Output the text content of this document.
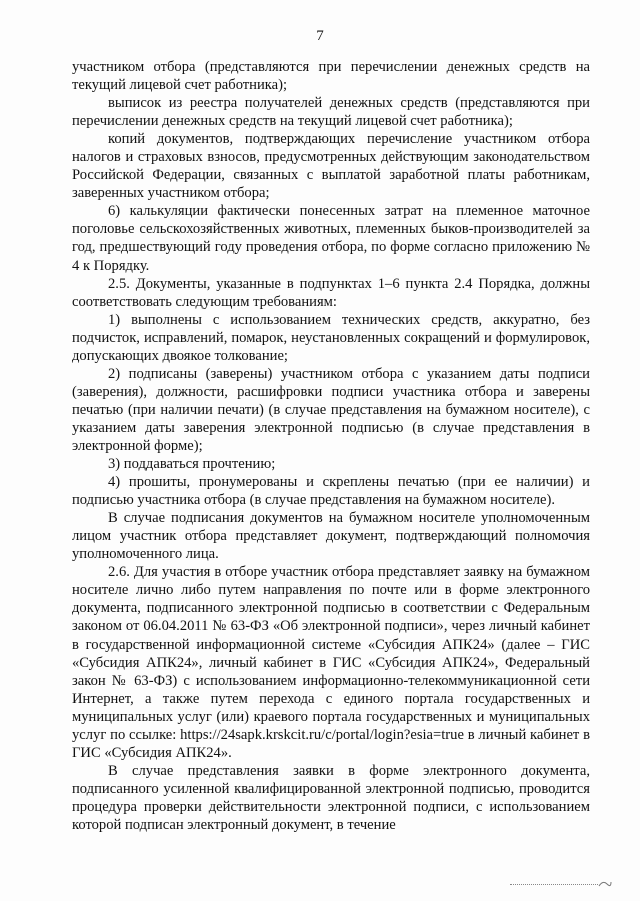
7

участником отбора (представляются при перечислении денежных средств на текущий лицевой счет работника);

выписок из реестра получателей денежных средств (представляются при перечислении денежных средств на текущий лицевой счет работника);

копий документов, подтверждающих перечисление участником отбора налогов и страховых взносов, предусмотренных действующим законодательством Российской Федерации, связанных с выплатой заработной платы работникам, заверенных участником отбора;

6) калькуляции фактически понесенных затрат на племенное маточное поголовье сельскохозяйственных животных, племенных быков-производителей за год, предшествующий году проведения отбора, по форме согласно приложению № 4 к Порядку.

2.5. Документы, указанные в подпунктах 1–6 пункта 2.4 Порядка, должны соответствовать следующим требованиям:

1) выполнены с использованием технических средств, аккуратно, без подчисток, исправлений, помарок, неустановленных сокращений и формулировок, допускающих двоякое толкование;

2) подписаны (заверены) участником отбора с указанием даты подписи (заверения), должности, расшифровки подписи участника отбора и заверены печатью (при наличии печати) (в случае представления на бумажном носителе), с указанием даты заверения электронной подписью (в случае представления в электронной форме);

3) поддаваться прочтению;

4) прошиты, пронумерованы и скреплены печатью (при ее наличии) и подписью участника отбора (в случае представления на бумажном носителе).

В случае подписания документов на бумажном носителе уполномоченным лицом участник отбора представляет документ, подтверждающий полномочия уполномоченного лица.

2.6. Для участия в отборе участник отбора представляет заявку на бумажном носителе лично либо путем направления по почте или в форме электронного документа, подписанного электронной подписью в соответствии с Федеральным законом от 06.04.2011 № 63-ФЗ «Об электронной подписи», через личный кабинет в государственной информационной системе «Субсидия АПК24» (далее – ГИС «Субсидия АПК24», личный кабинет в ГИС «Субсидия АПК24», Федеральный закон № 63-ФЗ) с использованием информационно-телекоммуникационной сети Интернет, а также путем перехода с единого портала государственных и муниципальных услуг (или) краевого портала государственных и муниципальных услуг по ссылке: https://24sapk.krskcit.ru/c/portal/login?esia=true в личный кабинет в ГИС «Субсидия АПК24».

В случае представления заявки в форме электронного документа, подписанного усиленной квалифицированной электронной подписью, проводится процедура проверки действительности электронной подписи, с использованием которой подписан электронный документ, в течение
